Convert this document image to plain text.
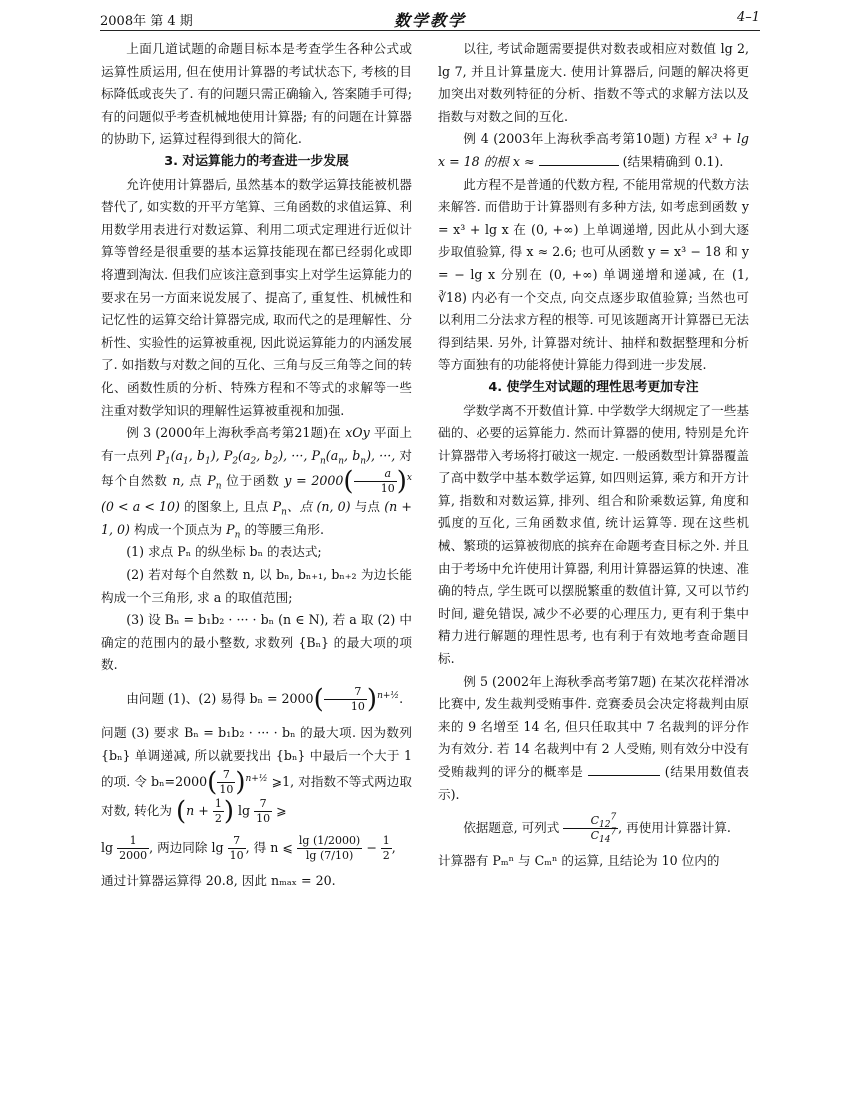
2008年 第 4 期	数学教学	4–1

上面几道试题的命题目标本是考查学生各种公式或运算性质运用, 但在使用计算器的考试状态下, 考核的目标降低或丧失了. 有的问题只需正确输入, 答案随手可得; 有的问题似乎考查机械地使用计算器; 有的问题在计算器的协助下, 运算过程得到很大的简化.

3. 对运算能力的考查进一步发展

允许使用计算器后, 虽然基本的数学运算技能被机器替代了, 如实数的开平方笔算、三角函数的求值运算、利用数学用表进行对数运算、利用二项式定理进行近似计算等曾经是很重要的基本运算技能现在都已经弱化或即将遭到淘汰. 但我们应该注意到事实上对学生运算能力的要求在另一方面来说发展了、提高了, 重复性、机械性和记忆性的运算交给计算器完成, 取而代之的是理解性、分析性、实验性的运算被重视, 因此说运算能力的内涵发展了. 如指数与对数之间的互化、三角与反三角等之间的转化、函数性质的分析、特殊方程和不等式的求解等一些注重对数学知识的理解性运算被重视和加强.

例 3 (2000年上海秋季高考第21题)在 xOy 平面上有一点列 $P_1(a_1$, $b_1$), $P_2(a_2$, $b_2$), ···, $P_n(a_n$, $b_n$), ···, 对每个自然数 n, 点 $P_n$ 位于函数 $y = 2000( \frac{a}{10} )^x$ (0 < a < 10) 的图象上, 且点 $P_n$、点 (n, 0) 与点 (n + 1, 0) 构成一个顶点为 $P_n$ 的等腰三角形.

(1) 求点 Pₙ 的纵坐标 bₙ 的表达式;

(2) 若对每个自然数 n, 以 bₙ, bₙ₊₁, bₙ₊₂ 为边长能构成一个三角形, 求 a 的取值范围;

(3) 设 Bₙ = b₁b₂ · ··· · bₙ (n ∈ N), 若 a 取 (2) 中确定的范围内的最小整数, 求数列 {Bₙ} 的最大项的项数.

由问题 (1)、(2) 易得 $b_n = 2000( \frac{7}{10} )^{n+\frac{1}{2}}$.

问题 (3) 要求 Bₙ = b₁b₂ · ··· · bₙ 的最大项. 因为数列 {bₙ} 单调递减, 所以就要找出 {bₙ} 中最后一个大于 1 的项. 令 $b_n=2000( \frac{7}{10} )^{n+\frac{1}{2}}$ ⩾1, 对指数不等式两边取对数, 转化为 ($n + \frac{1}{2}$ ) $\lg \frac{7}{10}$ ⩾

$\lg \frac{1}{2000}$ , 两边同除 $\lg \frac{7}{10}$ , 得 n ⩽ $\frac{\lg (1/2000)}{\lg (7/10)} - \frac{1}{2}$ ,

通过计算器运算得 20.8, 因此 nₘₐₓ = 20.

以往, 考试命题需要提供对数表或相应对数值 lg 2, lg 7, 并且计算量庞大. 使用计算器后, 问题的解决将更加突出对数列特征的分析、指数不等式的求解方法以及指数与对数之间的互化.

例 4 (2003年上海秋季高考第10题) 方程 x³ + lg x = 18 的根 x ≈	(结果精确到 0.1).

此方程不是普通的代数方程, 不能用常规的代数方法来解答. 而借助于计算器则有多种方法, 如考虑到函数 y = x³ + lg x 在 (0, +∞) 上单调递增, 因此从小到大逐步取值验算, 得 x ≈ 2.6; 也可从函数 y = x³ − 18 和 y = − lg x 分别在 (0, +∞) 单调递增和递减, 在 (1, ∛18) 内必有一个交点, 向交点逐步取值验算; 当然也可以利用二分法求方程的根等. 可见该题离开计算器已无法得到结果. 另外, 计算器对统计、抽样和数据整理和分析等方面独有的功能将使计算能力得到进一步发展.

4. 使学生对试题的理性思考更加专注

学数学离不开数值计算. 中学数学大纲规定了一些基础的、必要的运算能力. 然而计算器的使用, 特别是允许计算器带入考场将打破这一规定. 一般函数型计算器覆盖了高中数学中基本数学运算, 如四则运算, 乘方和开方计算, 指数和对数运算, 排列、组合和阶乘数运算, 角度和弧度的互化, 三角函数求值, 统计运算等. 现在这些机械、繁琐的运算被彻底的摈弃在命题考查目标之外. 并且由于考场中允许使用计算器, 利用计算器运算的快速、准确的特点, 学生既可以摆脱繁重的数值计算, 又可以节约时间, 避免错误, 减少不必要的心理压力, 更有利于集中精力进行解题的理性思考, 也有利于有效地考查命题目标.

例 5 (2002年上海秋季高考第7题) 在某次花样滑冰比赛中, 发生裁判受贿事件. 竞赛委员会决定将裁判由原来的 9 名增至 14 名, 但只任取其中 7 名裁判的评分作为有效分. 若 14 名裁判中有 2 人受贿, 则有效分中没有受贿裁判的评分的概率是	(结果用数值表示).

依据题意, 可列式 $\frac{C_{12}^7}{C_{14}^7}$ , 再使用计算器计算.

计算器有 Pₘⁿ 与 Cₘⁿ 的运算, 且结论为 10 位内的
